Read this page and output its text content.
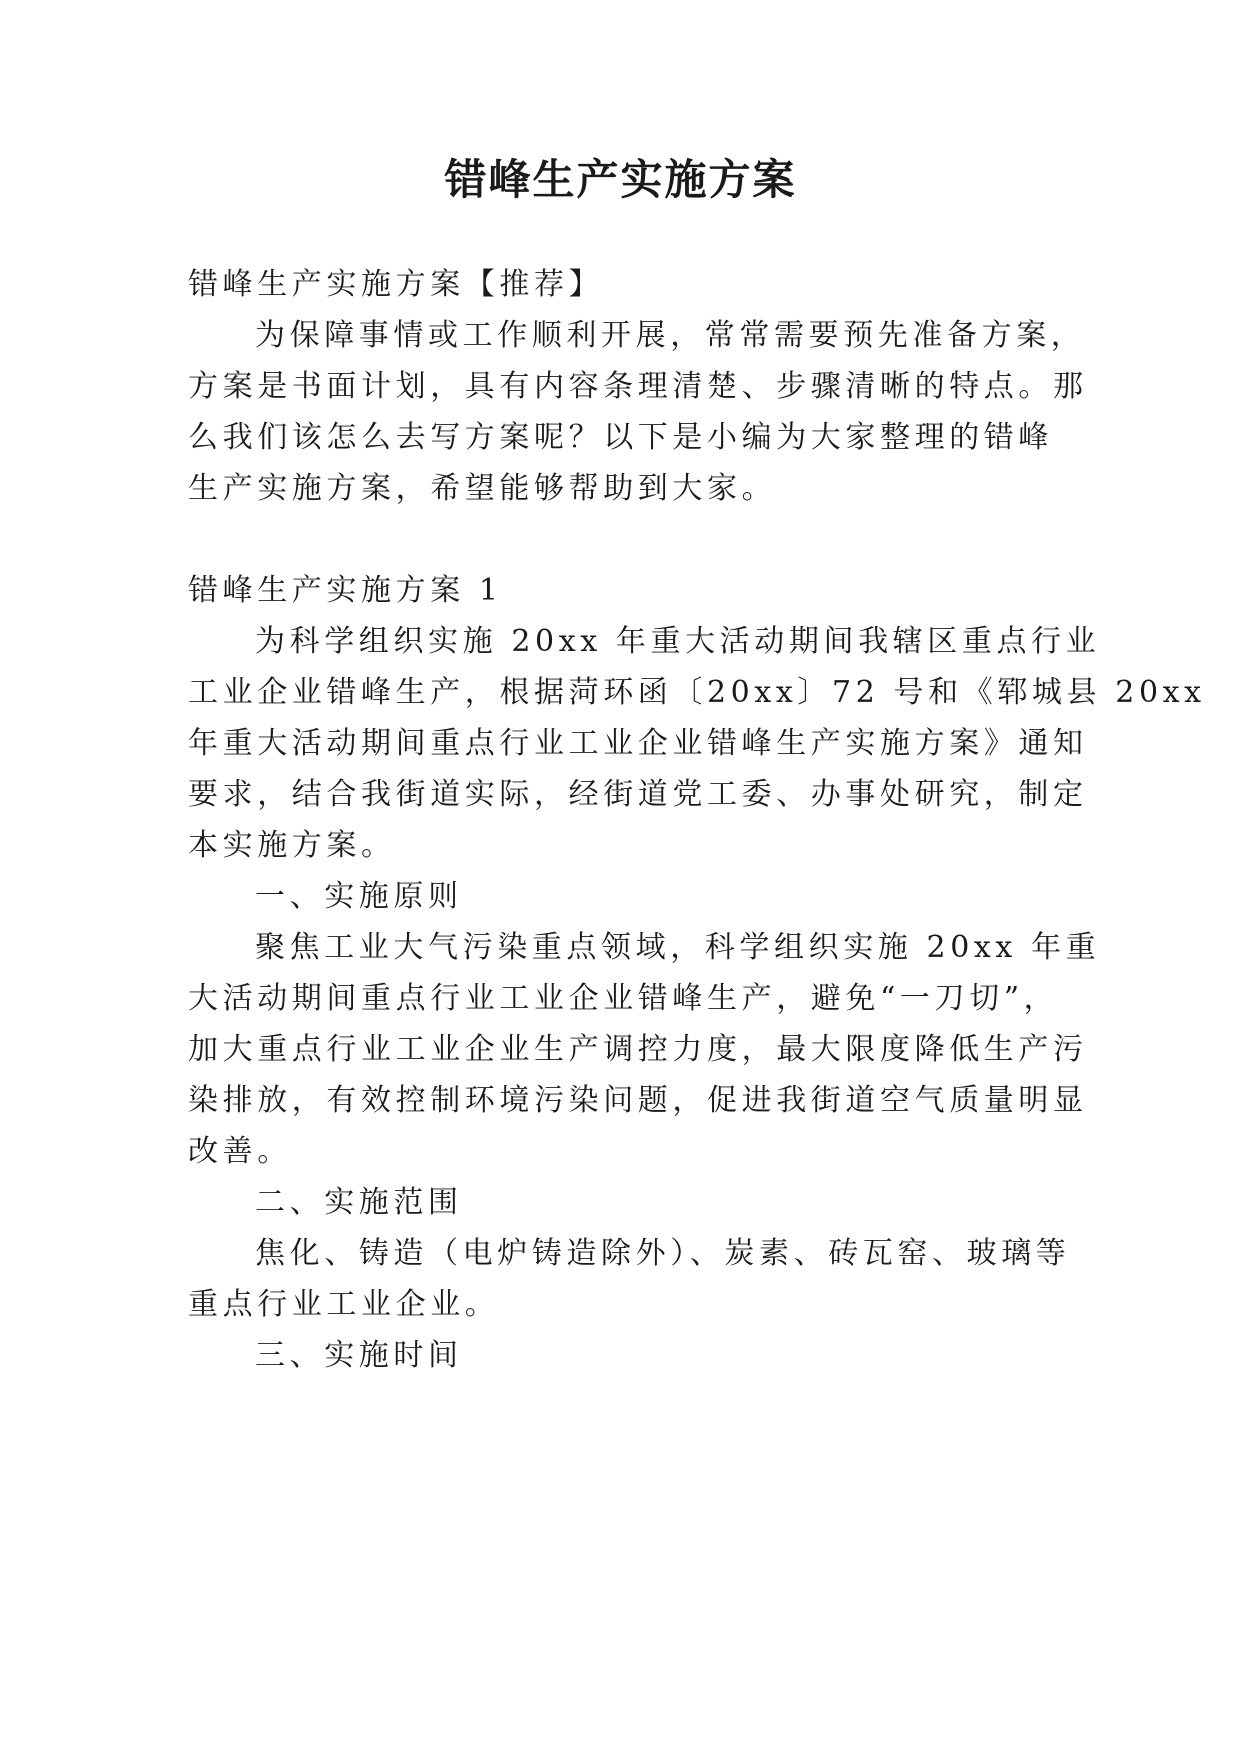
错峰生产实施方案
错峰生产实施方案【推荐】
为保障事情或工作顺利开展，常常需要预先准备方案，
方案是书面计划，具有内容条理清楚、步骤清晰的特点。那
么我们该怎么去写方案呢？以下是小编为大家整理的错峰
生产实施方案，希望能够帮助到大家。
错峰生产实施方案 1
为科学组织实施 20xx 年重大活动期间我辖区重点行业
工业企业错峰生产，根据菏环函〔20xx〕72 号和《郓城县 20xx
年重大活动期间重点行业工业企业错峰生产实施方案》通知
要求，结合我街道实际，经街道党工委、办事处研究，制定
本实施方案。
一、实施原则
聚焦工业大气污染重点领域，科学组织实施 20xx 年重
大活动期间重点行业工业企业错峰生产，避免“一刀切”，
加大重点行业工业企业生产调控力度，最大限度降低生产污
染排放，有效控制环境污染问题，促进我街道空气质量明显
改善。
二、实施范围
焦化、铸造（电炉铸造除外）、炭素、砖瓦窑、玻璃等
重点行业工业企业。
三、实施时间
